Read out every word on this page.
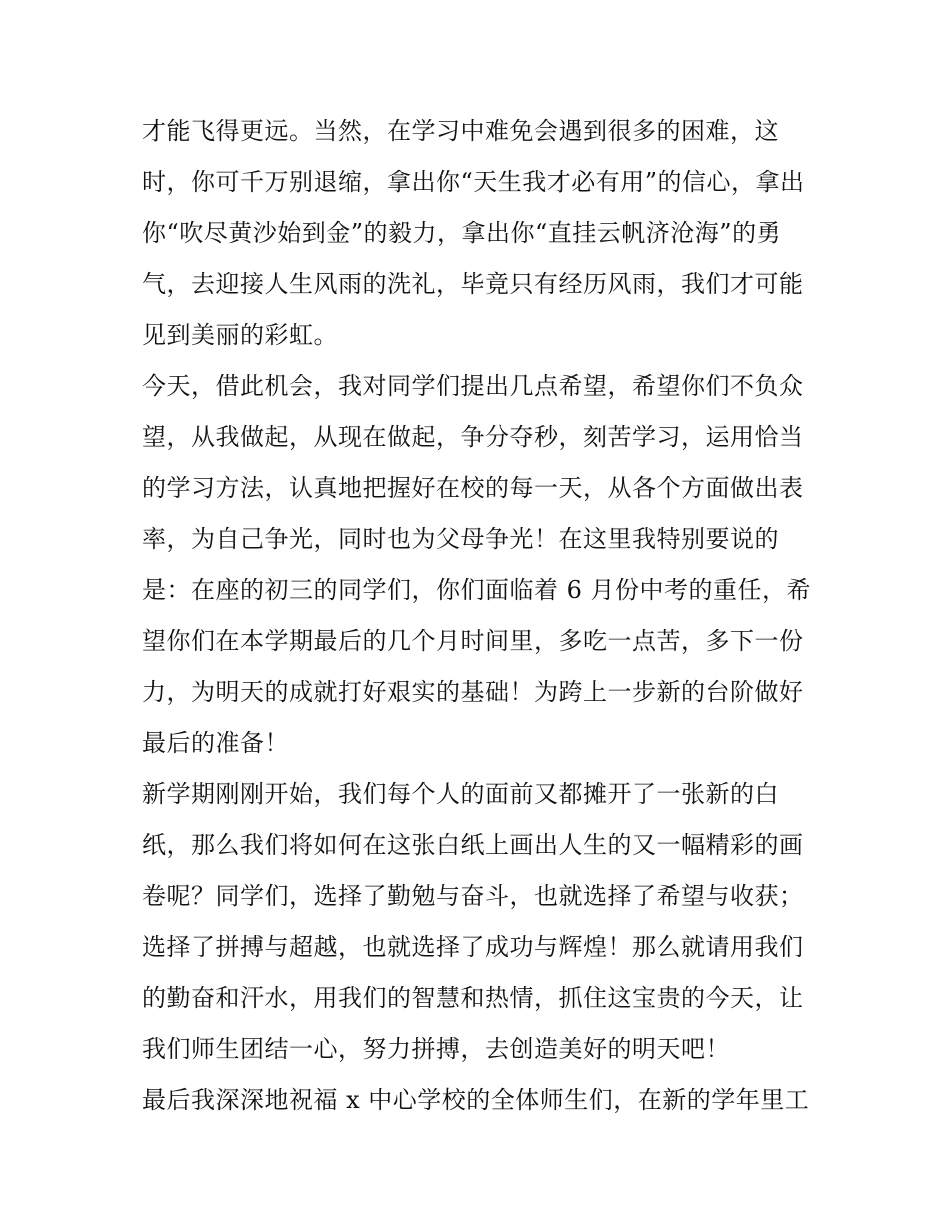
才能飞得更远。当然，在学习中难免会遇到很多的困难，这
时，你可千万别退缩，拿出你“天生我才必有用”的信心，拿出
你“吹尽黄沙始到金”的毅力，拿出你“直挂云帆济沧海”的勇
气，去迎接人生风雨的洗礼，毕竟只有经历风雨，我们才可能
见到美丽的彩虹。
今天，借此机会，我对同学们提出几点希望，希望你们不负众
望，从我做起，从现在做起，争分夺秒，刻苦学习，运用恰当
的学习方法，认真地把握好在校的每一天，从各个方面做出表
率，为自己争光，同时也为父母争光！在这里我特别要说的
是：在座的初三的同学们，你们面临着 6 月份中考的重任，希
望你们在本学期最后的几个月时间里，多吃一点苦，多下一份
力，为明天的成就打好艰实的基础！为跨上一步新的台阶做好
最后的准备！
新学期刚刚开始，我们每个人的面前又都摊开了一张新的白
纸，那么我们将如何在这张白纸上画出人生的又一幅精彩的画
卷呢？同学们，选择了勤勉与奋斗，也就选择了希望与收获；
选择了拼搏与超越，也就选择了成功与辉煌！那么就请用我们
的勤奋和汗水，用我们的智慧和热情，抓住这宝贵的今天，让
我们师生团结一心，努力拼搏，去创造美好的明天吧！
最后我深深地祝福 x 中心学校的全体师生们，在新的学年里工
